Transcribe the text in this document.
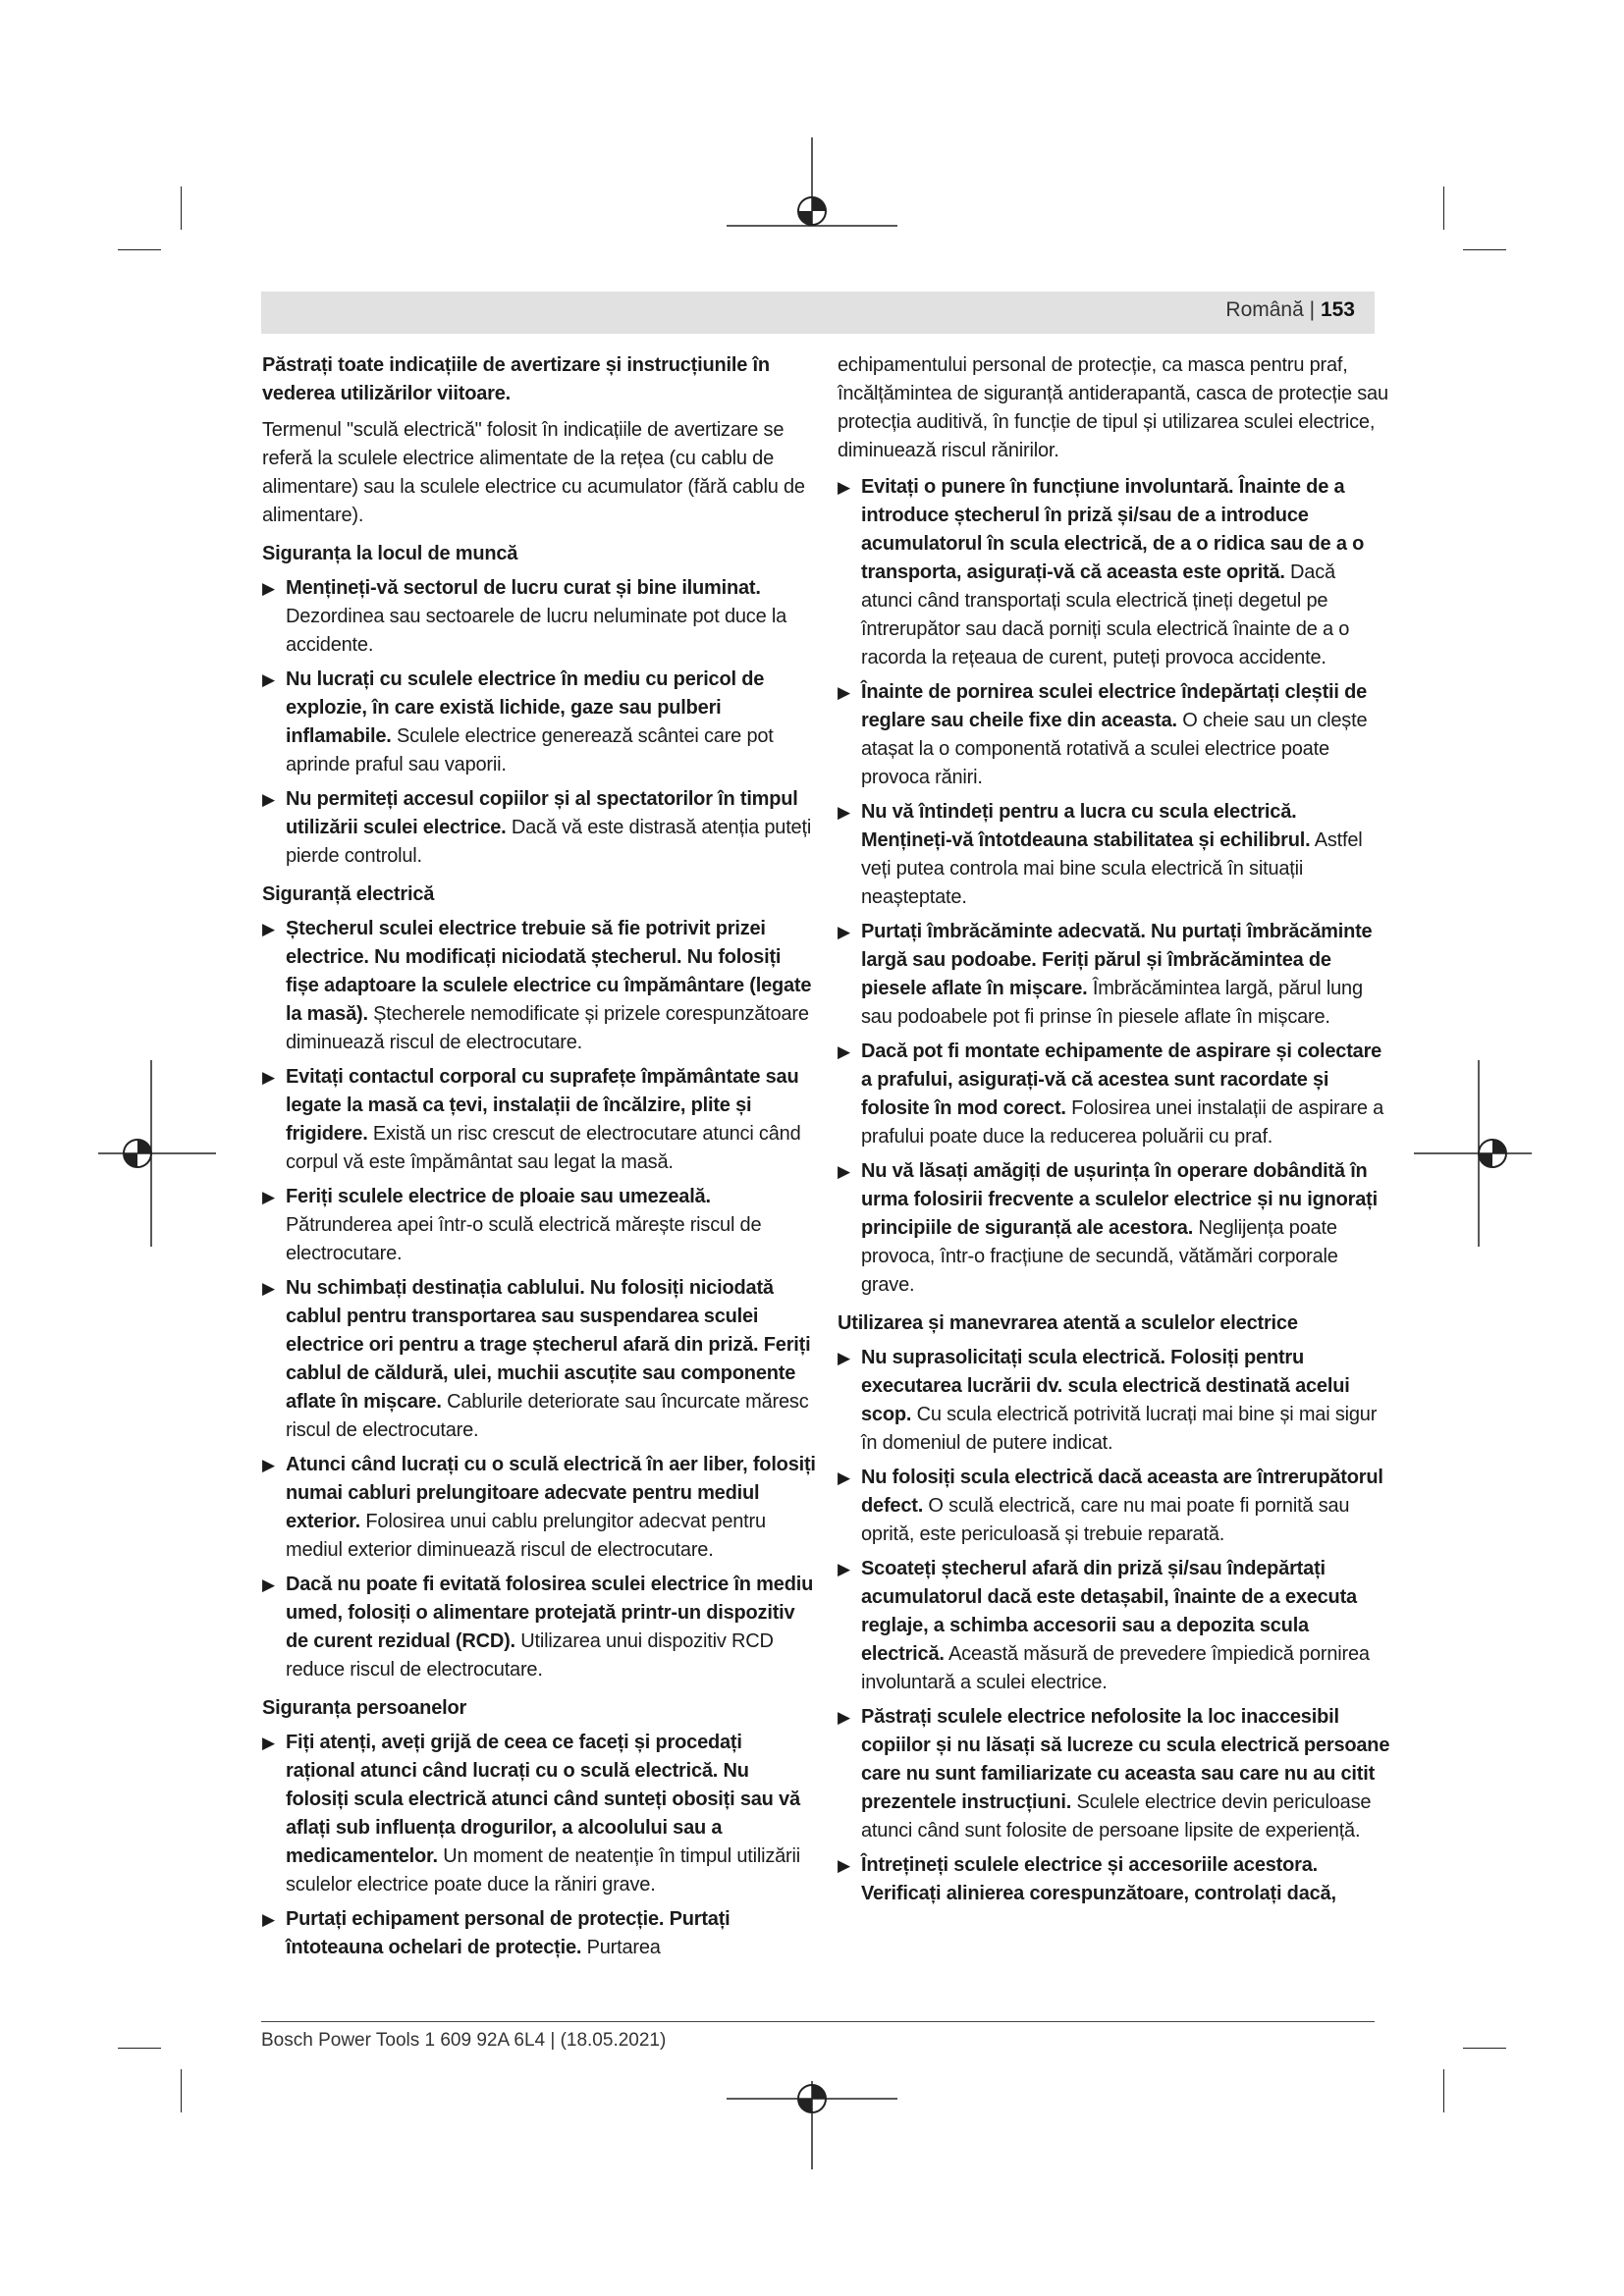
Română | 153

Păstrați toate indicațiile de avertizare și instrucțiunile în vederea utilizărilor viitoare.

Termenul "sculă electrică" folosit în indicațiile de avertizare se referă la sculele electrice alimentate de la rețea (cu cablu de alimentare) sau la sculele electrice cu acumulator (fără cablu de alimentare).

Siguranța la locul de muncă

▶ Mențineți-vă sectorul de lucru curat și bine iluminat. Dezordinea sau sectoarele de lucru neluminate pot duce la accidente.
▶ Nu lucrați cu sculele electrice în mediu cu pericol de explozie, în care există lichide, gaze sau pulberi inflamabile. Sculele electrice generează scântei care pot aprinde praful sau vaporii.
▶ Nu permiteți accesul copiilor și al spectatorilor în timpul utilizării sculei electrice. Dacă vă este distrasă atenția puteți pierde controlul.

Siguranță electrică

▶ Ștecherul sculei electrice trebuie să fie potrivit prizei electrice. Nu modificați niciodată ștecherul. Nu folosiți fișe adaptoare la sculele electrice cu împământare (legate la masă). Ștecherele nemodificate și prizele corespunzătoare diminuează riscul de electrocutare.
▶ Evitați contactul corporal cu suprafețe împământate sau legate la masă ca țevi, instalații de încălzire, plite și frigidere. Există un risc crescut de electrocutare atunci când corpul vă este împământat sau legat la masă.
▶ Feriți sculele electrice de ploaie sau umezeală. Pătrunderea apei într-o sculă electrică mărește riscul de electrocutare.
▶ Nu schimbați destinația cablului. Nu folosiți niciodată cablul pentru transportarea sau suspendarea sculei electrice ori pentru a trage ștecherul afară din priză. Feriți cablul de căldură, ulei, muchii ascuțite sau componente aflate în mișcare. Cablurile deteriorate sau încurcate măresc riscul de electrocutare.
▶ Atunci când lucrați cu o sculă electrică în aer liber, folosiți numai cabluri prelungitoare adecvate pentru mediul exterior. Folosirea unui cablu prelungitor adecvat pentru mediul exterior diminuează riscul de electrocutare.
▶ Dacă nu poate fi evitată folosirea sculei electrice în mediu umed, folosiți o alimentare protejată printr-un dispozitiv de curent rezidual (RCD). Utilizarea unui dispozitiv RCD reduce riscul de electrocutare.

Siguranța persoanelor

▶ Fiți atenți, aveți grijă de ceea ce faceți și procedați rațional atunci când lucrați cu o sculă electrică. Nu folosiți scula electrică atunci când sunteți obosiți sau vă aflați sub influența drogurilor, a alcoolului sau a medicamentelor. Un moment de neatenție în timpul utilizării sculelor electrice poate duce la răniri grave.
▶ Purtați echipament personal de protecție. Purtați întoteauna ochelari de protecție. Purtarea

echipamentului personal de protecție, ca masca pentru praf, încălțămintea de siguranță antiderapantă, casca de protecție sau protecția auditivă, în funcție de tipul și utilizarea sculei electrice, diminuează riscul rănirilor.

▶ Evitați o punere în funcțiune involuntară. Înainte de a introduce ștecherul în priză și/sau de a introduce acumulatorul în scula electrică, de a o ridica sau de a o transporta, asigurați-vă că aceasta este oprită. Dacă atunci când transportați scula electrică țineți degetul pe întrerupător sau dacă porniți scula electrică înainte de a o racorda la rețeaua de curent, puteți provoca accidente.
▶ Înainte de pornirea sculei electrice îndepărtați cleștii de reglare sau cheile fixe din aceasta. O cheie sau un clește atașat la o componentă rotativă a sculei electrice poate provoca răniri.
▶ Nu vă întindeți pentru a lucra cu scula electrică. Mențineți-vă întotdeauna stabilitatea și echilibrul. Astfel veți putea controla mai bine scula electrică în situații neașteptate.
▶ Purtați îmbrăcăminte adecvată. Nu purtați îmbrăcăminte largă sau podoabe. Feriți părul și îmbrăcămintea de piesele aflate în mișcare. Îmbrăcămintea largă, părul lung sau podoabele pot fi prinse în piesele aflate în mișcare.
▶ Dacă pot fi montate echipamente de aspirare și colectare a prafului, asigurați-vă că acestea sunt racordate și folosite în mod corect. Folosirea unei instalații de aspirare a prafului poate duce la reducerea poluării cu praf.
▶ Nu vă lăsați amăgiți de ușurința în operare dobândită în urma folosirii frecvente a sculelor electrice și nu ignorați principiile de siguranță ale acestora. Neglijența poate provoca, într-o fracțiune de secundă, vătămări corporale grave.

Utilizarea și manevrarea atentă a sculelor electrice

▶ Nu suprasolicitați scula electrică. Folosiți pentru executarea lucrării dv. scula electrică destinată acelui scop. Cu scula electrică potrivită lucrați mai bine și mai sigur în domeniul de putere indicat.
▶ Nu folosiți scula electrică dacă aceasta are întrerupătorul defect. O sculă electrică, care nu mai poate fi pornită sau oprită, este periculoasă și trebuie reparată.
▶ Scoateți ștecherul afară din priză și/sau îndepărtați acumulatorul dacă este detașabil, înainte de a executa reglaje, a schimba accesorii sau a depozita scula electrică. Această măsură de prevedere împiedică pornirea involuntară a sculei electrice.
▶ Păstrați sculele electrice nefolosite la loc inaccesibil copiilor și nu lăsați să lucreze cu scula electrică persoane care nu sunt familiarizate cu aceasta sau care nu au citit prezentele instrucțiuni. Sculele electrice devin periculoase atunci când sunt folosite de persoane lipsite de experiență.
▶ Întrețineți sculele electrice și accesoriile acestora. Verificați alinierea corespunzătoare, controlați dacă,
Bosch Power Tools 1 609 92A 6L4 | (18.05.2021)
